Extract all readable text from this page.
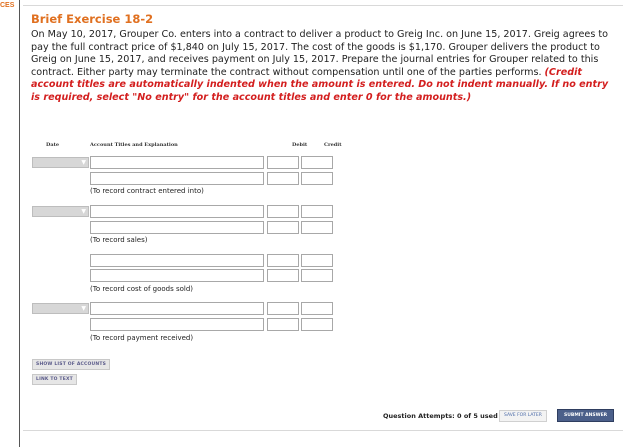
CES
Brief Exercise 18-2
On May 10, 2017, Grouper Co. enters into a contract to deliver a product to Greig Inc. on June 15, 2017. Greig agrees to pay the full contract price of $1,840 on July 15, 2017. The cost of the goods is $1,170. Grouper delivers the product to Greig on June 15, 2017, and receives payment on July 15, 2017. Prepare the journal entries for Grouper related to this contract. Either party may terminate the contract without compensation until one of the parties performs. (Credit account titles are automatically indented when the amount is entered. Do not indent manually. If no entry is required, select "No entry" for the account titles and enter 0 for the amounts.)
Date	Account Titles and Explanation	Debit	Credit
▼
(To record contract entered into)
▼
(To record sales)
(To record cost of goods sold)
▼
(To record payment received)
SHOW LIST OF ACCOUNTS
LINK TO TEXT
Question Attempts: 0 of 5 used	SAVE FOR LATER	SUBMIT ANSWER
